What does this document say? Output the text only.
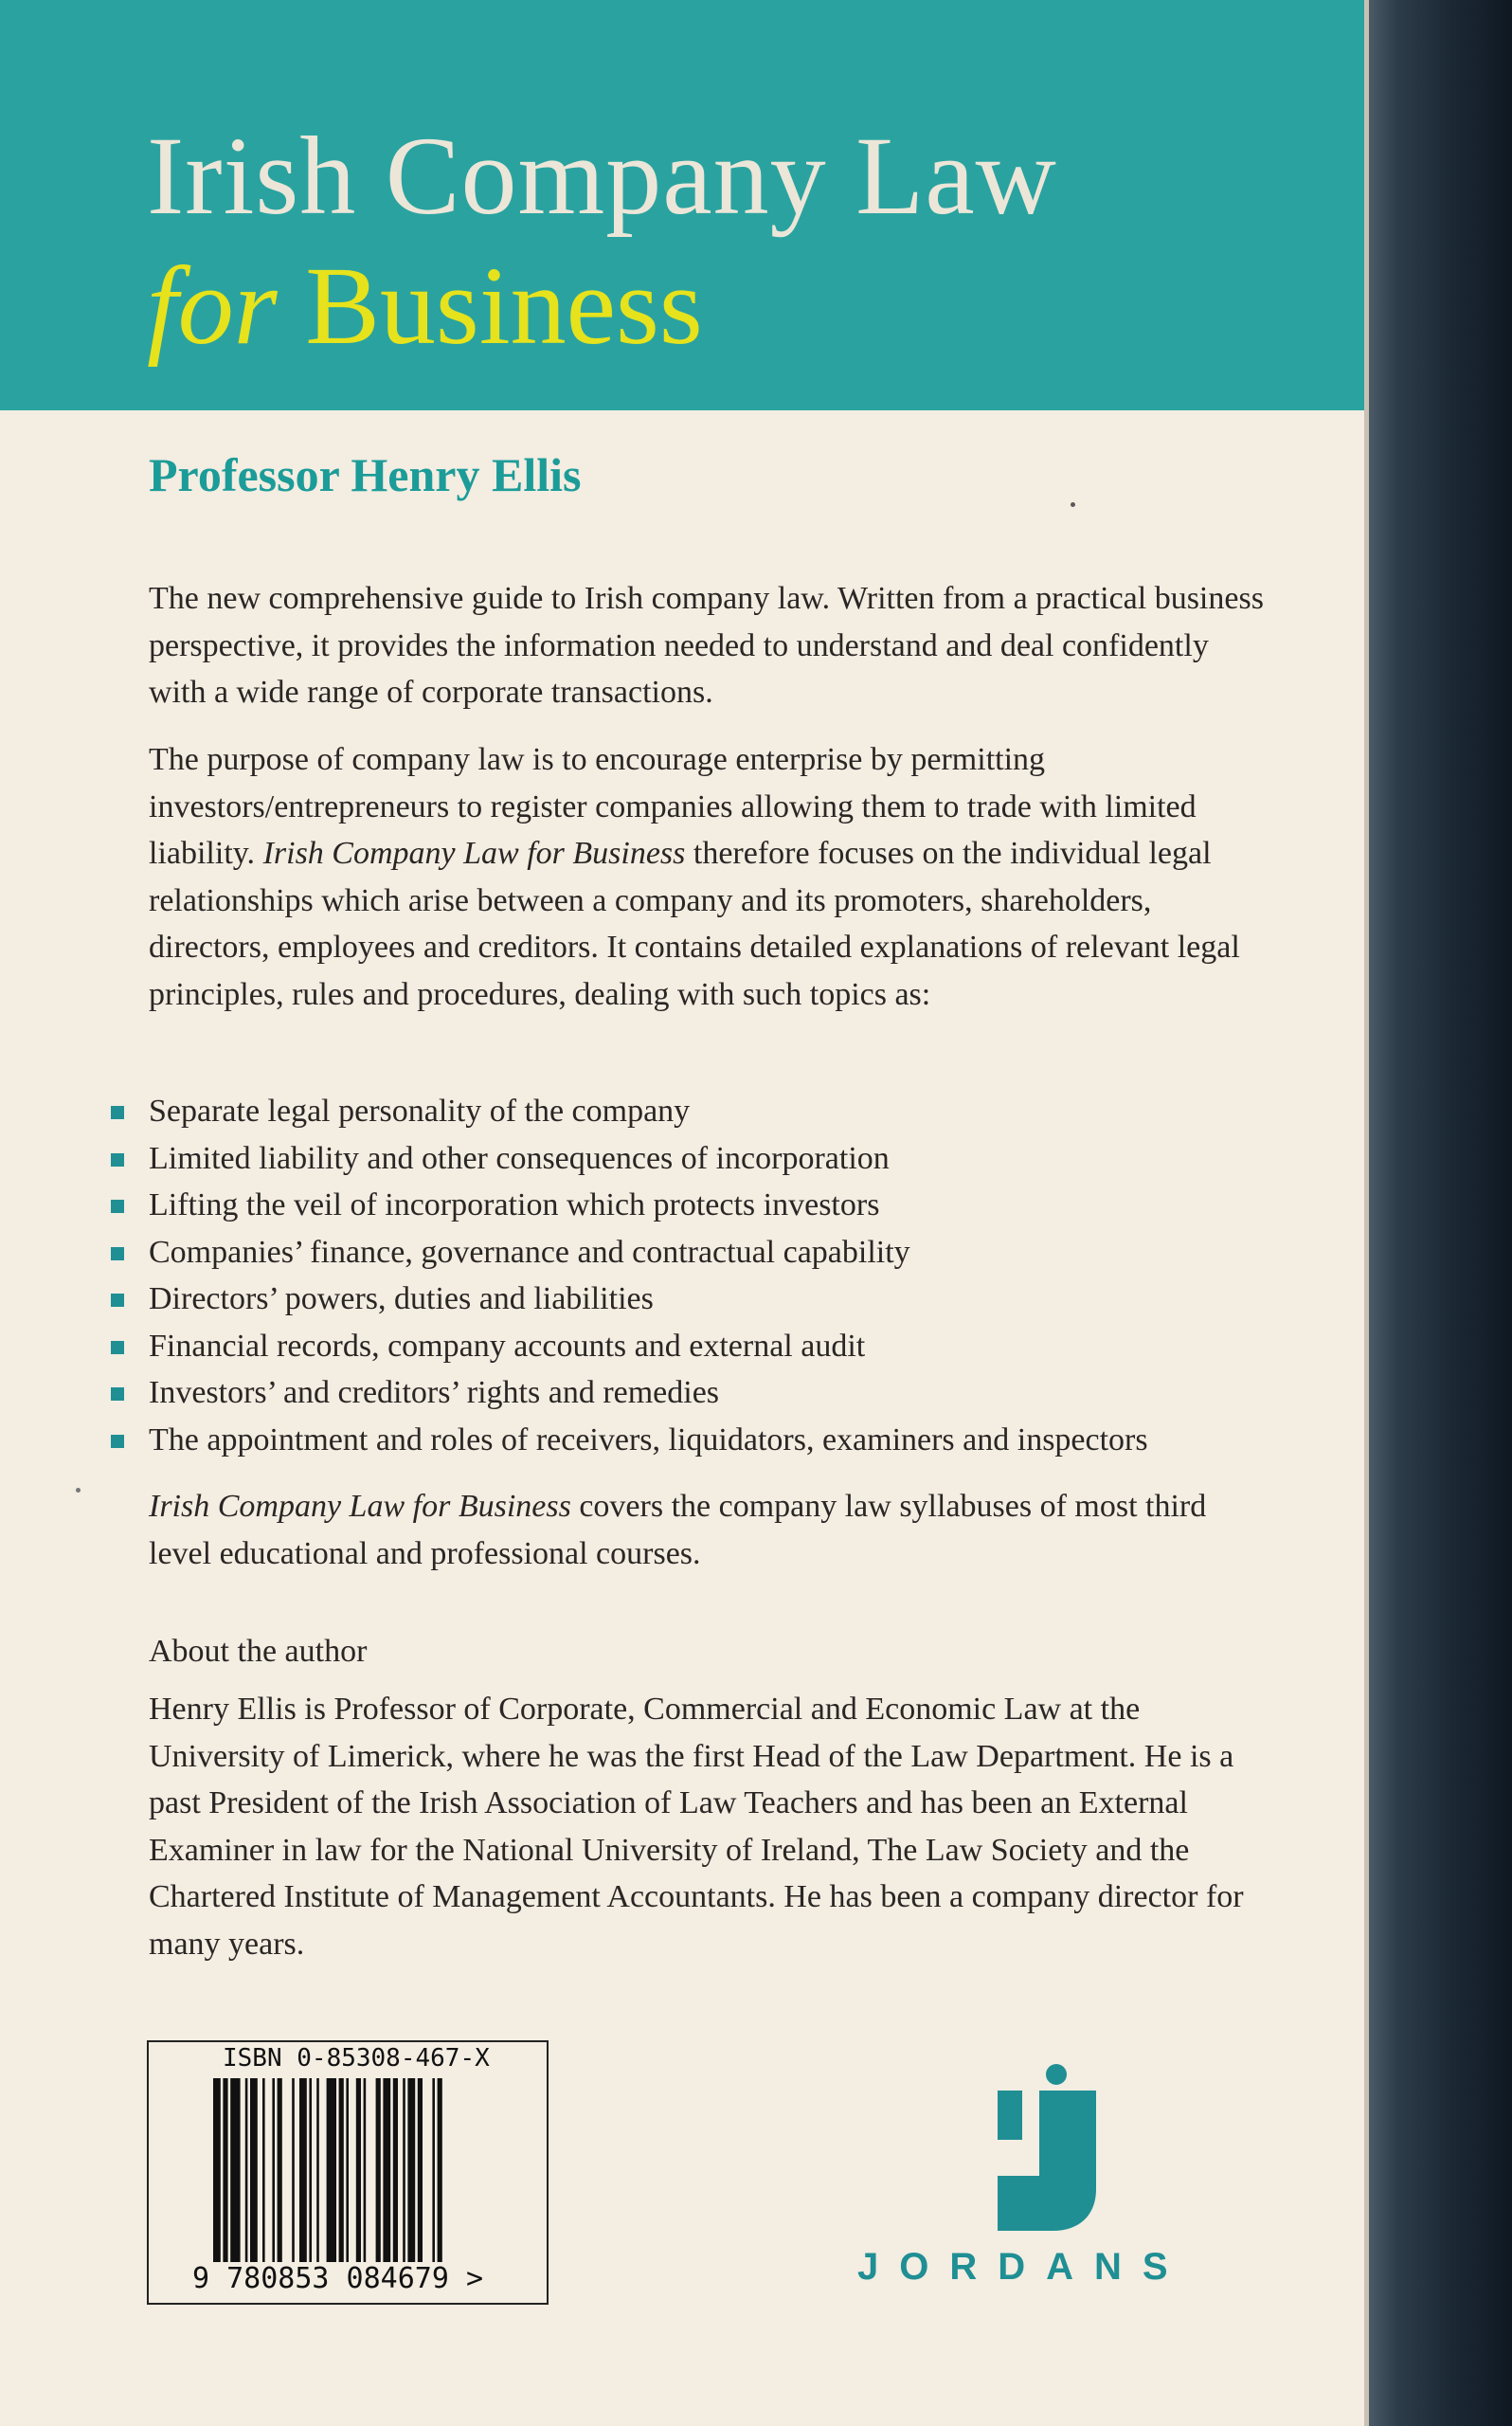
Irish Company Law
for Business
Professor Henry Ellis

The new comprehensive guide to Irish company law. Written from a practical business perspective, it provides the information needed to understand and deal confidently with a wide range of corporate transactions.

The purpose of company law is to encourage enterprise by permitting investors/entrepreneurs to register companies allowing them to trade with limited liability. Irish Company Law for Business therefore focuses on the individual legal relationships which arise between a company and its promoters, shareholders, directors, employees and creditors. It contains detailed explanations of relevant legal principles, rules and procedures, dealing with such topics as:

Separate legal personality of the company
Limited liability and other consequences of incorporation
Lifting the veil of incorporation which protects investors
Companies’ finance, governance and contractual capability
Directors’ powers, duties and liabilities
Financial records, company accounts and external audit
Investors’ and creditors’ rights and remedies
The appointment and roles of receivers, liquidators, examiners and inspectors

Irish Company Law for Business covers the company law syllabuses of most third level educational and professional courses.

About the author

Henry Ellis is Professor of Corporate, Commercial and Economic Law at the University of Limerick, where he was the first Head of the Law Department. He is a past President of the Irish Association of Law Teachers and has been an External Examiner in law for the National University of Ireland, The Law Society and the Chartered Institute of Management Accountants. He has been a company director for many years.

ISBN 0-85308-467-X
9 780853 084679 >	JORDANS
